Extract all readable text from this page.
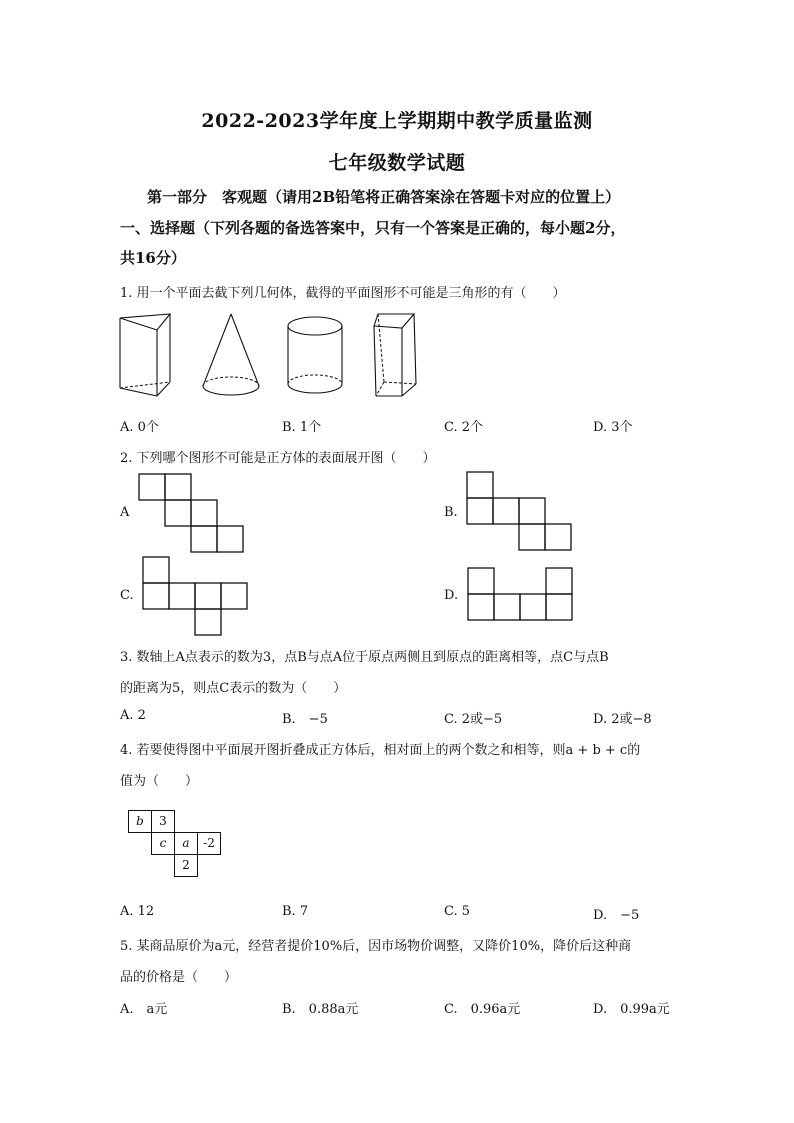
2022-2023学年度上学期期中教学质量监测
七年级数学试题
第一部分　客观题（请用2B铅笔将正确答案涂在答题卡对应的位置上）
一、选择题（下列各题的备选答案中，只有一个答案是正确的，每小题2分，
共16分）
1. 用一个平面去截下列几何体，截得的平面图形不可能是三角形的有（　　）
A. 0个	B. 1个	C. 2个	D. 3个
2. 下列哪个图形不可能是正方体的表面展开图（　　）
A	B.
C.	D.
3. 数轴上A点表示的数为3，点B与点A位于原点两侧且到原点的距离相等，点C与点B
的距离为5，则点C表示的数为（　　）
A. 2	B.　−5	C. 2或−5	D. 2或−8
4. 若要使得图中平面展开图折叠成正方体后，相对面上的两个数之和相等，则a + b + c的
值为（　　）
b	3
c	a	-2
2
A. 12	B. 7	C. 5	D.　−5
5. 某商品原价为a元，经营者提价10%后，因市场物价调整，又降价10%，降价后这种商
品的价格是（　　）
A.　a元	B.　0.88a元	C.　0.96a元	D.　0.99a元
